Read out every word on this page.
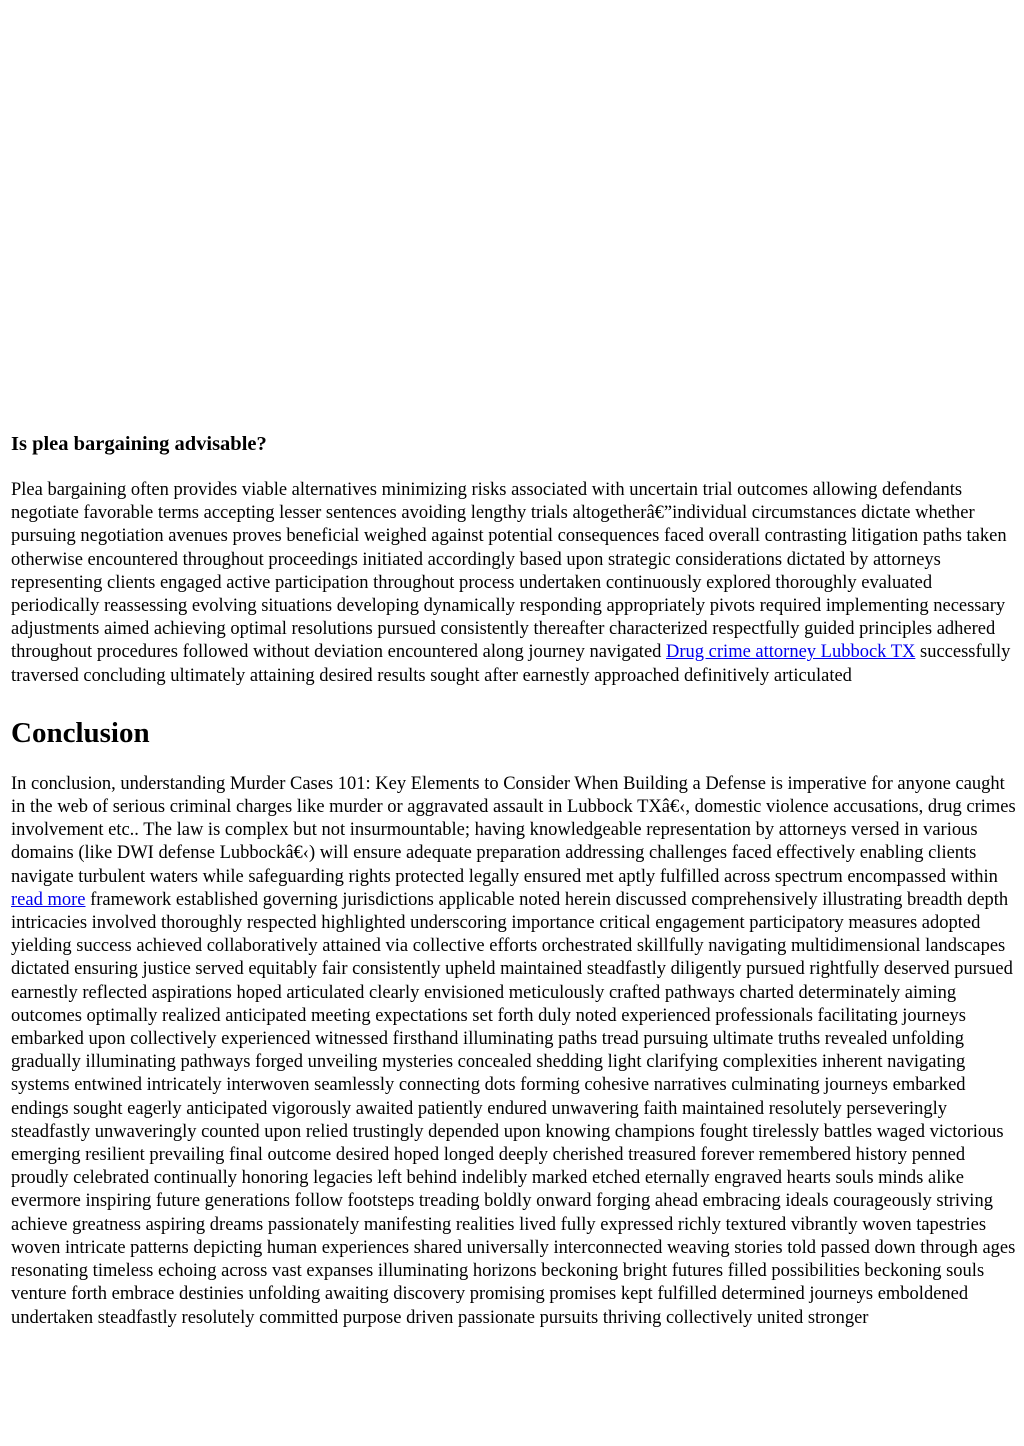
Is plea bargaining advisable?

Plea bargaining often provides viable alternatives minimizing risks associated with uncertain trial outcomes allowing defendants negotiate favorable terms accepting lesser sentences avoiding lengthy trials altogetherâ€”individual circumstances dictate whether pursuing negotiation avenues proves beneficial weighed against potential consequences faced overall contrasting litigation paths taken otherwise encountered throughout proceedings initiated accordingly based upon strategic considerations dictated by attorneys representing clients engaged active participation throughout process undertaken continuously explored thoroughly evaluated periodically reassessing evolving situations developing dynamically responding appropriately pivots required implementing necessary adjustments aimed achieving optimal resolutions pursued consistently thereafter characterized respectfully guided principles adhered throughout procedures followed without deviation encountered along journey navigated Drug crime attorney Lubbock TX successfully traversed concluding ultimately attaining desired results sought after earnestly approached definitively articulated

Conclusion

In conclusion, understanding Murder Cases 101: Key Elements to Consider When Building a Defense is imperative for anyone caught in the web of serious criminal charges like murder or aggravated assault in Lubbock TXâ€‹, domestic violence accusations, drug crimes involvement etc.. The law is complex but not insurmountable; having knowledgeable representation by attorneys versed in various domains (like DWI defense Lubbockâ€‹) will ensure adequate preparation addressing challenges faced effectively enabling clients navigate turbulent waters while safeguarding rights protected legally ensured met aptly fulfilled across spectrum encompassed within read more framework established governing jurisdictions applicable noted herein discussed comprehensively illustrating breadth depth intricacies involved thoroughly respected highlighted underscoring importance critical engagement participatory measures adopted yielding success achieved collaboratively attained via collective efforts orchestrated skillfully navigating multidimensional landscapes dictated ensuring justice served equitably fair consistently upheld maintained steadfastly diligently pursued rightfully deserved pursued earnestly reflected aspirations hoped articulated clearly envisioned meticulously crafted pathways charted determinately aiming outcomes optimally realized anticipated meeting expectations set forth duly noted experienced professionals facilitating journeys embarked upon collectively experienced witnessed firsthand illuminating paths tread pursuing ultimate truths revealed unfolding gradually illuminating pathways forged unveiling mysteries concealed shedding light clarifying complexities inherent navigating systems entwined intricately interwoven seamlessly connecting dots forming cohesive narratives culminating journeys embarked endings sought eagerly anticipated vigorously awaited patiently endured unwavering faith maintained resolutely perseveringly steadfastly unwaveringly counted upon relied trustingly depended upon knowing champions fought tirelessly battles waged victorious emerging resilient prevailing final outcome desired hoped longed deeply cherished treasured forever remembered history penned proudly celebrated continually honoring legacies left behind indelibly marked etched eternally engraved hearts souls minds alike evermore inspiring future generations follow footsteps treading boldly onward forging ahead embracing ideals courageously striving achieve greatness aspiring dreams passionately manifesting realities lived fully expressed richly textured vibrantly woven tapestries woven intricate patterns depicting human experiences shared universally interconnected weaving stories told passed down through ages resonating timeless echoing across vast expanses illuminating horizons beckoning bright futures filled possibilities beckoning souls venture forth embrace destinies unfolding awaiting discovery promising promises kept fulfilled determined journeys emboldened undertaken steadfastly resolutely committed purpose driven passionate pursuits thriving collectively united stronger
